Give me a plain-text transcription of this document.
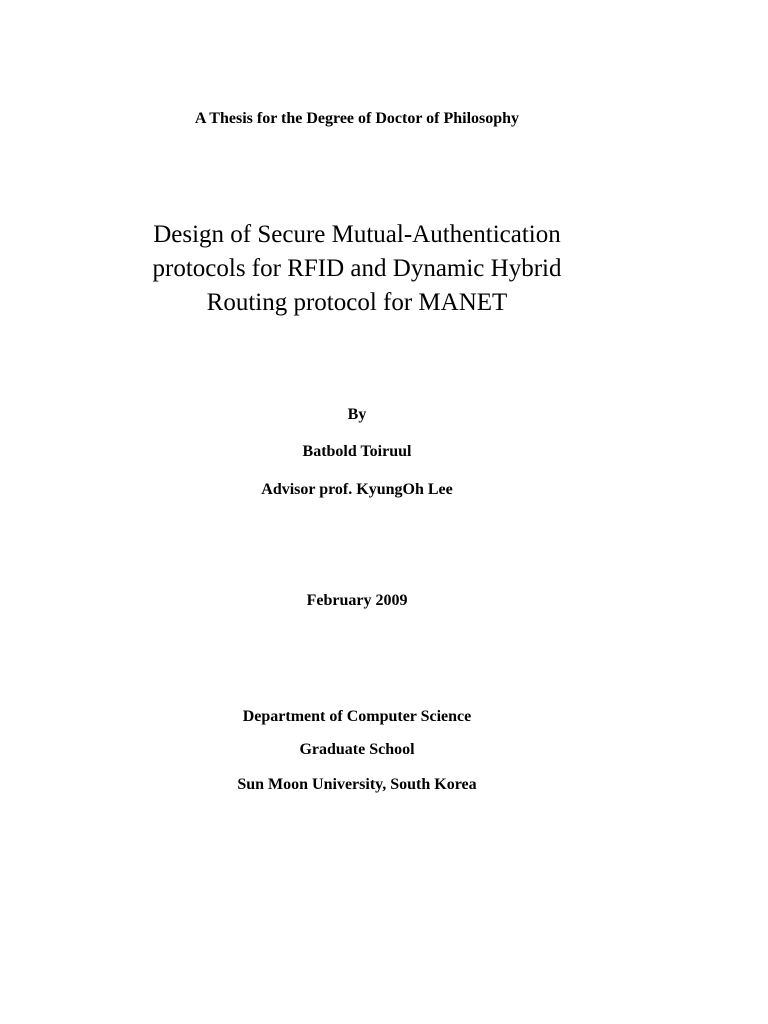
A Thesis for the Degree of Doctor of Philosophy
Design of Secure Mutual-Authentication
protocols for RFID and Dynamic Hybrid
Routing protocol for MANET
By
Batbold Toiruul
Advisor prof. KyungOh Lee
February 2009
Department of Computer Science
Graduate School
Sun Moon University, South Korea
